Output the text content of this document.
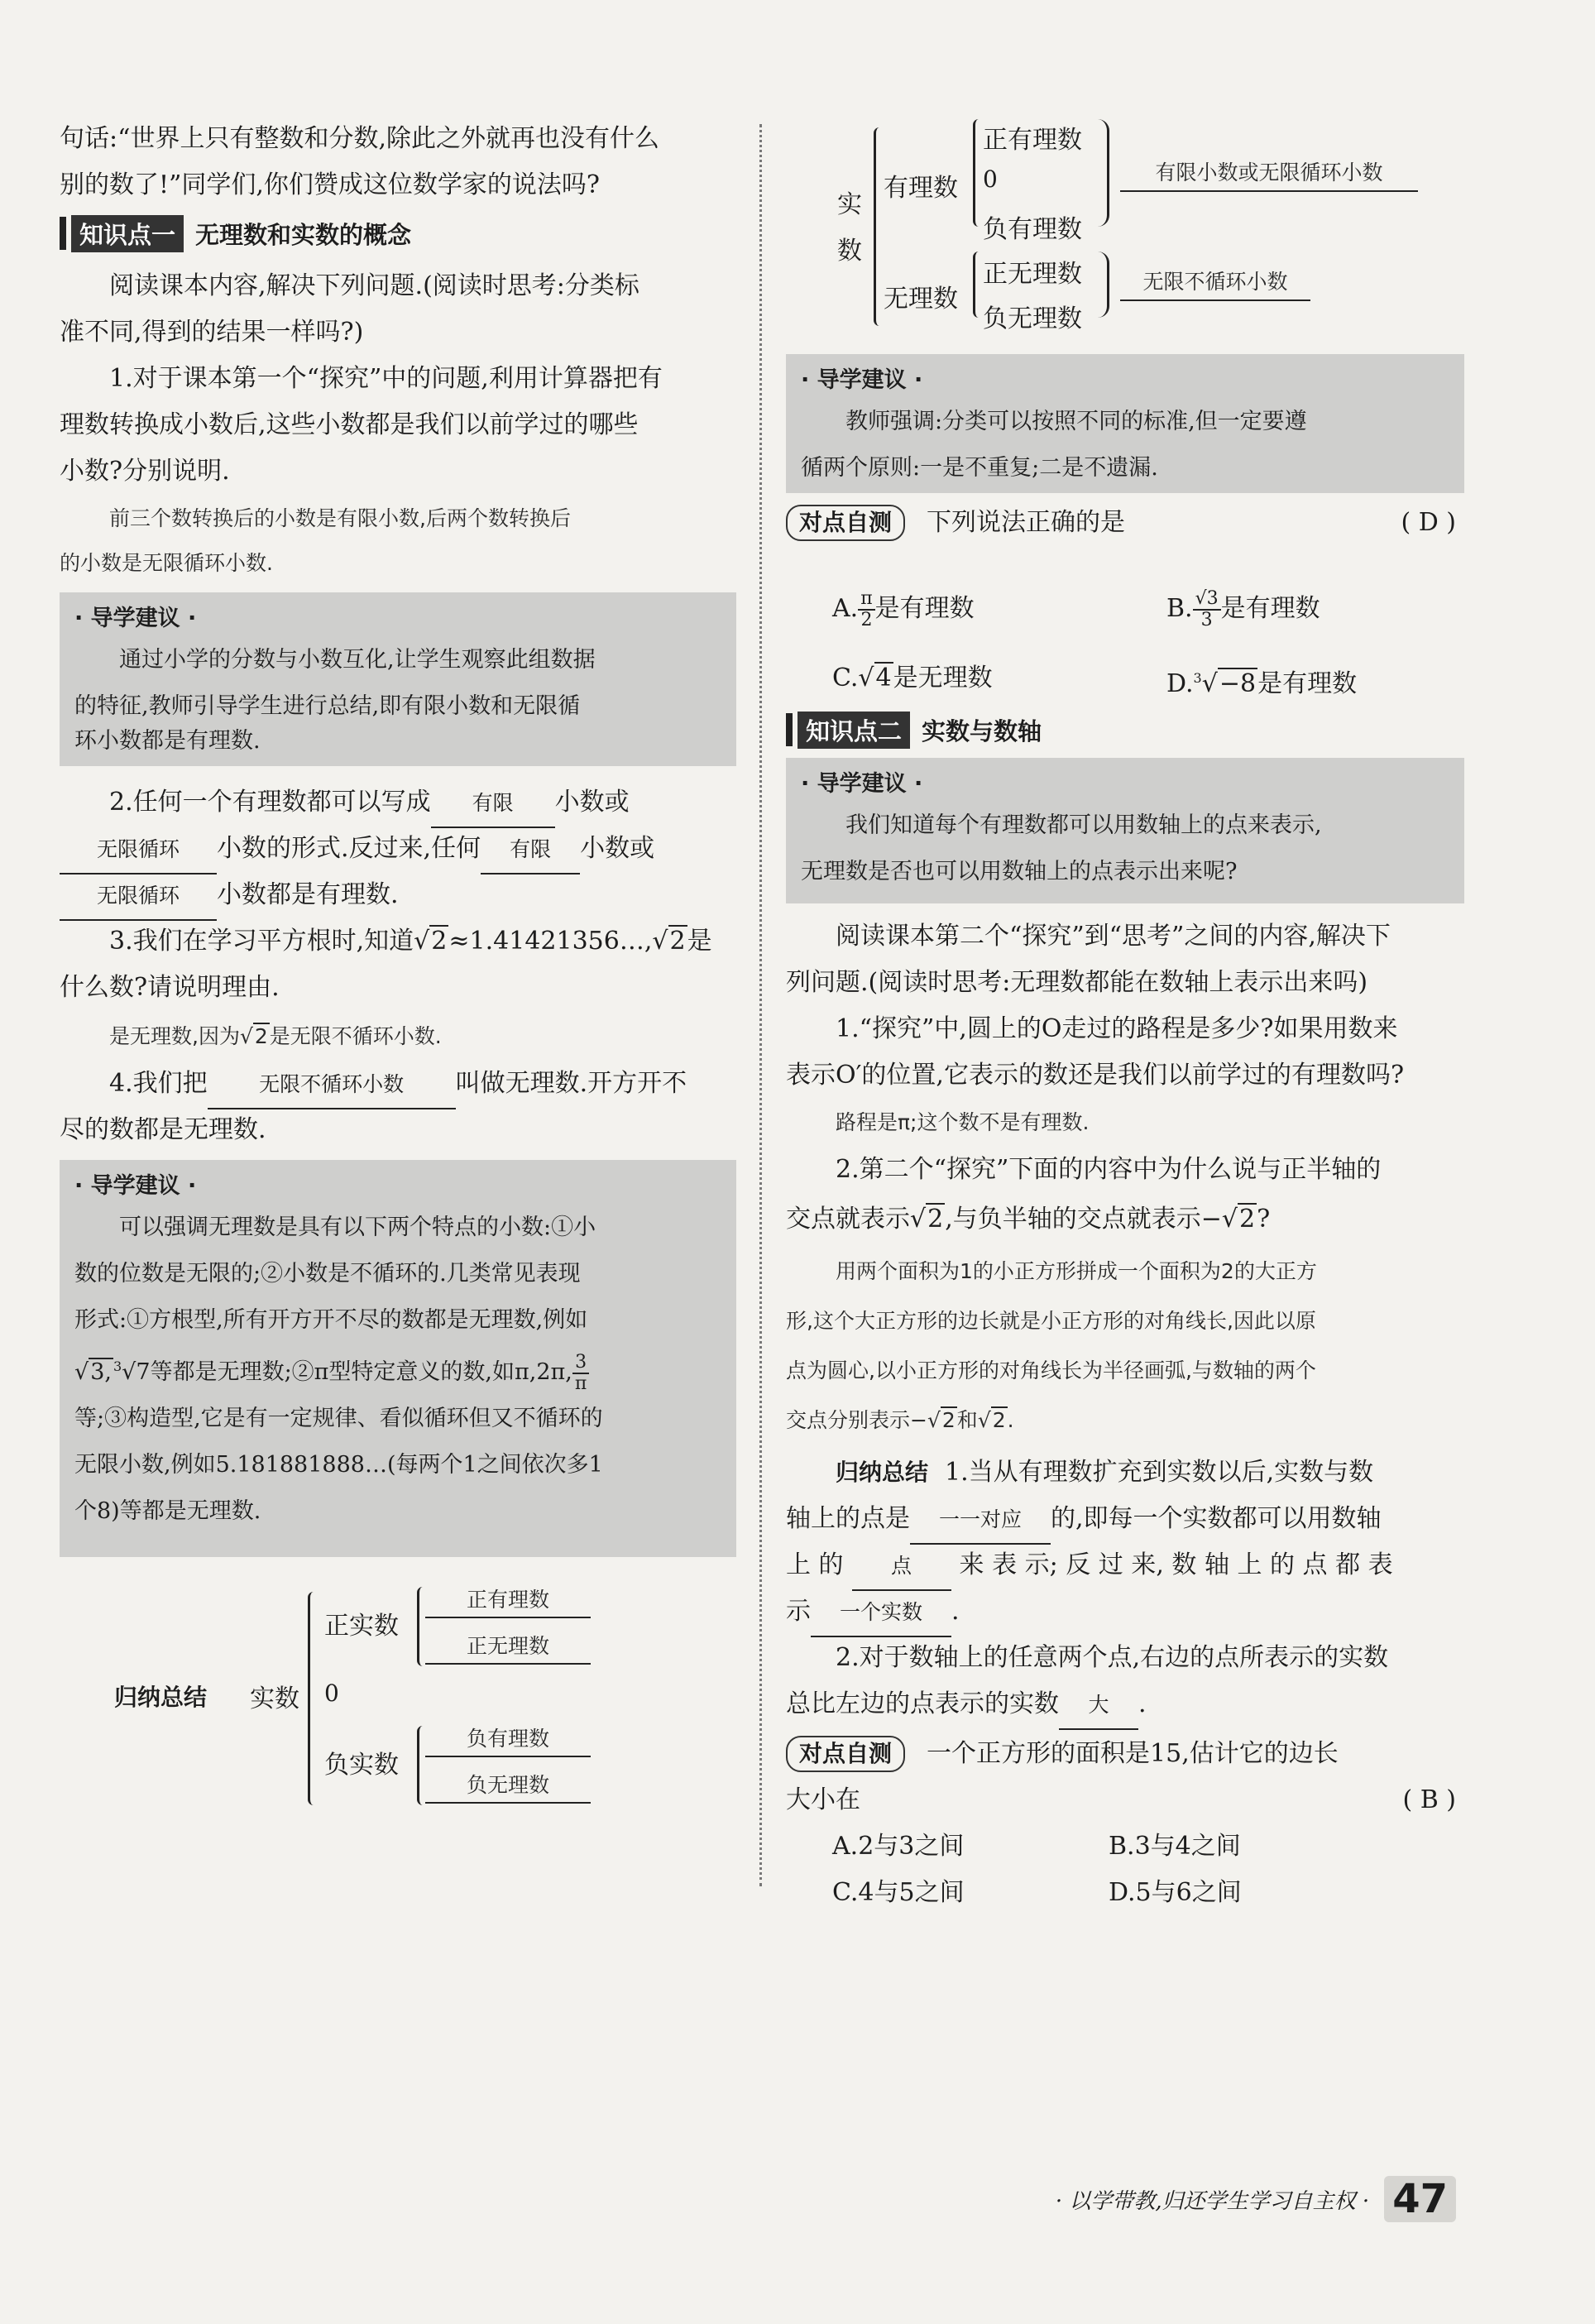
句话:“世界上只有整数和分数,除此之外就再也没有什么

别的数了!”同学们,你们赞成这位数学家的说法吗?

知识点一 无理数和实数的概念

阅读课本内容,解决下列问题.(阅读时思考:分类标

准不同,得到的结果一样吗?)

1.对于课本第一个“探究”中的问题,利用计算器把有

理数转换成小数后,这些小数都是我们以前学过的哪些

小数?分别说明.

前三个数转换后的小数是有限小数,后两个数转换后
的小数是无限循环小数.
· 导学建议 ·

通过小学的分数与小数互化,让学生观察此组数据

的特征,教师引导学生进行总结,即有限小数和无限循

环小数都是有理数.

2.任何一个有理数都可以写成 有限 小数或
无限循环 小数的形式.反过来,任何 有限 小数或
无限循环 小数都是有理数.
3.我们在学习平方根时,知道√2≈1.41421356…,√2是

什么数?请说明理由.

是无理数,因为√2是无限不循环小数.
4.我们把 无限不循环小数 叫做无理数.开方开不

尽的数都是无理数.

· 导学建议 ·

可以强调无理数是具有以下两个特点的小数:①小

数的位数是无限的;②小数是不循环的.几类常见表现

形式:①方根型,所有开方开不尽的数都是无理数,例如

√3, $^3$√7等都是无理数;②π型特定意义的数,如π,2π, $\frac{3}{\pi}$

等;③构造型,它是有一定规律、看似循环但又不循环的

无限小数,例如5.181881888…(每两个1之间依次多1

个8)等都是无理数.

归纳总结 实数
正实数
0
负实数
正有理数
正无理数
负有理数
负无理数
实数
有理数
无理数
正有理数
0
负有理数
正无理数
负无理数
有限小数或无限循环小数
无限不循环小数
· 导学建议 ·

教师强调:分类可以按照不同的标准,但一定要遵

循两个原则:一是不重复;二是不遗漏.

对点自测	下列说法正确的是	( D )
A. $\frac{\pi}{2}$ 是有理数	B. $\frac{√3}{3}$ 是有理数
C.√4是无理数	D.$^3$√−8是有理数
知识点二 实数与数轴
· 导学建议 ·

我们知道每个有理数都可以用数轴上的点来表示,

无理数是否也可以用数轴上的点表示出来呢?

阅读课本第二个“探究”到“思考”之间的内容,解决下

列问题.(阅读时思考:无理数都能在数轴上表示出来吗)

1.“探究”中,圆上的O走过的路程是多少?如果用数来

表示O′的位置,它表示的数还是我们以前学过的有理数吗?

路程是π;这个数不是有理数.

2.第二个“探究”下面的内容中为什么说与正半轴的

交点就表示√2,与负半轴的交点就表示−√2?
用两个面积为1的小正方形拼成一个面积为2的大正方
形,这个大正方形的边长就是小正方形的对角线长,因此以原
点为圆心,以小正方形的对角线长为半径画弧,与数轴的两个
交点分别表示−√2和√2.
归纳总结 1.当从有理数扩充到实数以后,实数与数
轴上的点是 一一对应 的,即每一个实数都可以用数轴
上 的 点 来 表 示; 反 过 来, 数 轴 上 的 点 都 表
示 一个实数 .

2.对于数轴上的任意两个点,右边的点所表示的实数

总比左边的点表示的实数 大 .
对点自测	一个正方形的面积是15,估计它的边长
大小在	( B )
A.2与3之间	B.3与4之间
C.4与5之间	D.5与6之间
· 以学带教,归还学生学习自主权 · 47
